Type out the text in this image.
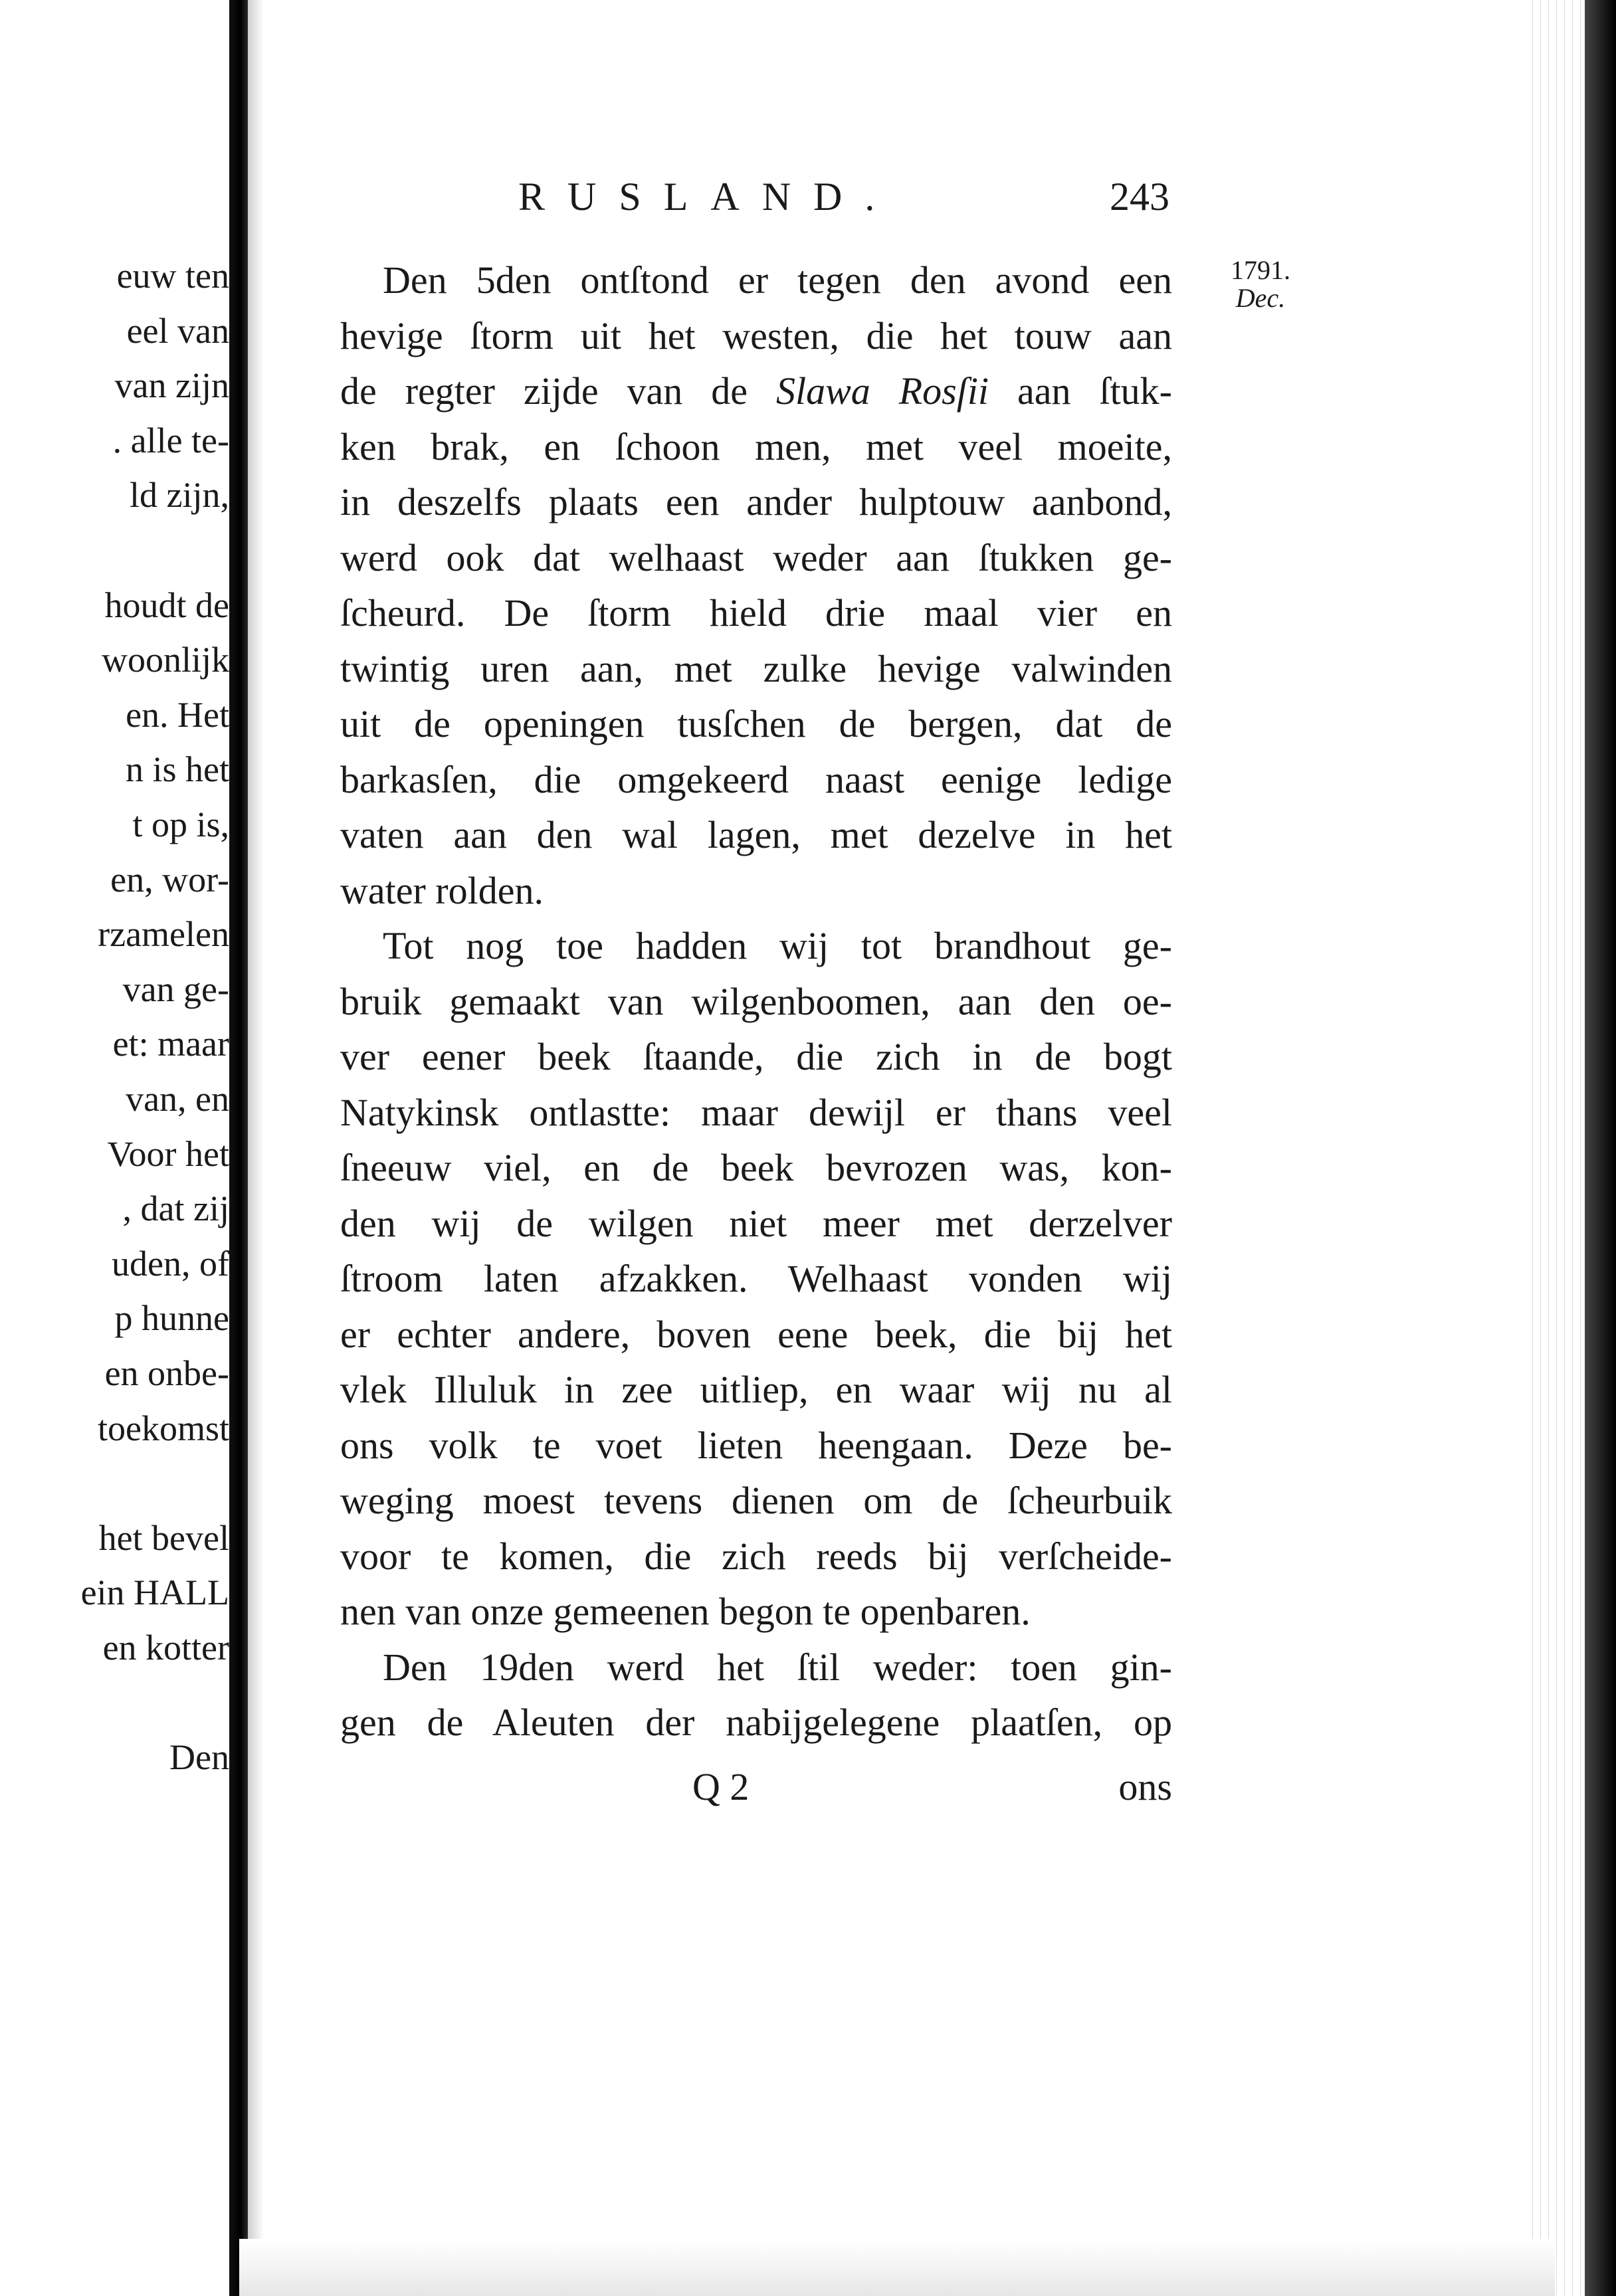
euw ten
eel van
van zijn
. alle te-
ld zijn,
houdt de
woonlijk
en. Het
n is het
t op is,
en, wor-
rzamelen
van ge-
et: maar
van, en
Voor het
, dat zij
uden, of
p hunne
en onbe-
toekomst
het bevel
ein HALL
en kotter
Den
RUSLAND.	243
1791.
Dec.
Den 5den ontſtond er tegen den avond een
hevige ſtorm uit het westen, die het touw aan
de regter zijde van de Slawa Rosſii aan ſtuk-
ken brak, en ſchoon men, met veel moeite,
in deszelfs plaats een ander hulptouw aanbond,
werd ook dat welhaast weder aan ſtukken ge-
ſcheurd. De ſtorm hield drie maal vier en
twintig uren aan, met zulke hevige valwinden
uit de openingen tusſchen de bergen, dat de
barkasſen, die omgekeerd naast eenige ledige
vaten aan den wal lagen, met dezelve in het
water rolden.
Tot nog toe hadden wij tot brandhout ge-
bruik gemaakt van wilgenboomen, aan den oe-
ver eener beek ſtaande, die zich in de bogt
Natykinsk ontlastte: maar dewijl er thans veel
ſneeuw viel, en de beek bevrozen was, kon-
den wij de wilgen niet meer met derzelver
ſtroom laten afzakken. Welhaast vonden wij
er echter andere, boven eene beek, die bij het
vlek Illuluk in zee uitliep, en waar wij nu al
ons volk te voet lieten heengaan. Deze be-
weging moest tevens dienen om de ſcheurbuik
voor te komen, die zich reeds bij verſcheide-
nen van onze gemeenen begon te openbaren.
Den 19den werd het ſtil weder: toen gin-
gen de Aleuten der nabijgelegene plaatſen, op
Q 2	ons
